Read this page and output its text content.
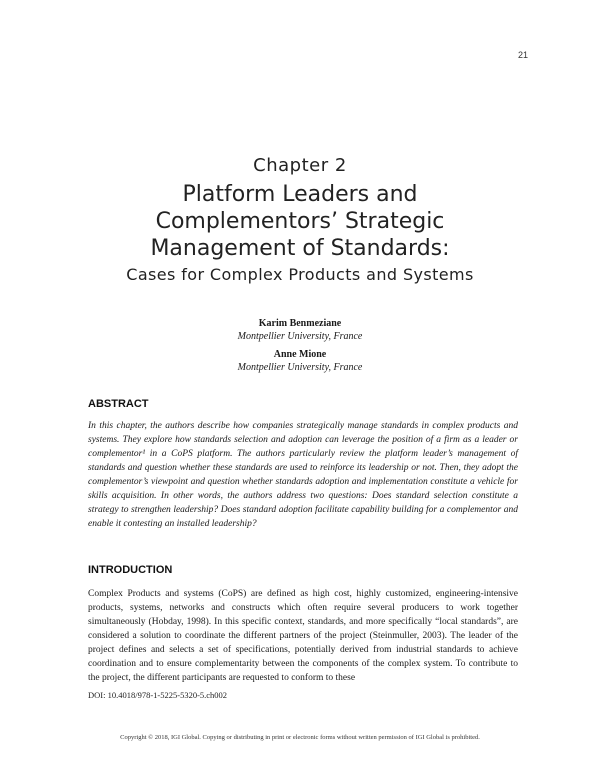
21
Chapter 2
Platform Leaders and
Complementors’ Strategic
Management of Standards:
Cases for Complex Products and Systems
Karim Benmeziane
Montpellier University, France
Anne Mione
Montpellier University, France
ABSTRACT

In this chapter, the authors describe how companies strategically manage standards in complex products and systems. They explore how standards selection and adoption can leverage the position of a firm as a leader or complementor¹ in a CoPS platform. The authors particularly review the platform leader’s management of standards and question whether these standards are used to reinforce its leadership or not. Then, they adopt the complementor’s viewpoint and question whether standards adoption and implementation constitute a vehicle for skills acquisition. In other words, the authors address two questions: Does standard selection constitute a strategy to strengthen leadership? Does standard adoption facilitate capability building for a complementor and enable it contesting an installed leadership?

INTRODUCTION

Complex Products and systems (CoPS) are defined as high cost, highly customized, engineering-intensive products, systems, networks and constructs which often require several producers to work together simultaneously (Hobday, 1998). In this specific context, standards, and more specifically “local standards”, are considered a solution to coordinate the different partners of the project (Steinmuller, 2003). The leader of the project defines and selects a set of specifications, potentially derived from industrial standards to achieve coordination and to ensure complementarity between the components of the complex system. To contribute to the project, the different participants are requested to conform to these

DOI: 10.4018/978-1-5225-5320-5.ch002
Copyright © 2018, IGI Global. Copying or distributing in print or electronic forms without written permission of IGI Global is prohibited.
